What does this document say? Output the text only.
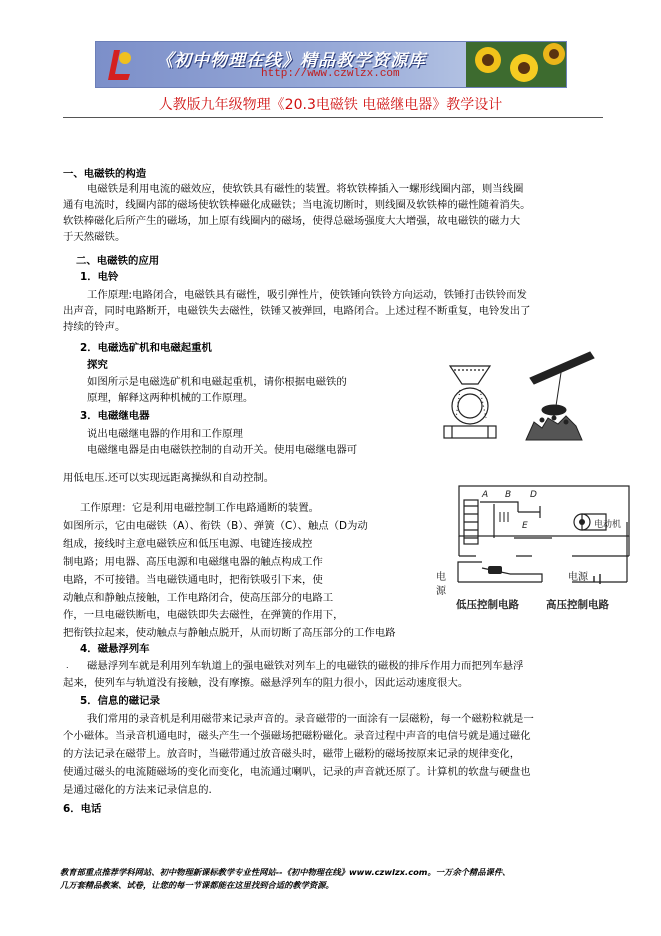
《初中物理在线》精品教学资源库
http://www.czwlzx.com
人教版九年级物理《20.3电磁铁 电磁继电器》教学设计
一、电磁铁的构造
电磁铁是利用电流的磁效应，使软铁具有磁性的装置。将软铁棒插入一螺形线圈内部，则当线圈
通有电流时，线圈内部的磁场使软铁棒磁化成磁铁；当电流切断时，则线圈及软铁棒的磁性随着消失。
软铁棒磁化后所产生的磁场，加上原有线圈内的磁场，使得总磁场强度大大增强，故电磁铁的磁力大
于天然磁铁。
二、电磁铁的应用
1．电铃
工作原理:电路闭合，电磁铁具有磁性，吸引弹性片，使铁锤向铁铃方向运动，铁锤打击铁铃而发
出声音，同时电路断开，电磁铁失去磁性，铁锤又被弹回，电路闭合。上述过程不断重复，电铃发出了
持续的铃声。
2．电磁选矿机和电磁起重机
探究
如图所示是电磁选矿机和电磁起重机，请你根据电磁铁的
原理，解释这两种机械的工作原理。
3．电磁继电器
说出电磁继电器的作用和工作原理
电磁继电器是由电磁铁控制的自动开关。使用电磁继电器可
用低电压.还可以实现远距离操纵和自动控制。
工作原理：它是利用电磁控制工作电路通断的装置。
如图所示，它由电磁铁（A）、衔铁（B）、弹簧（C）、触点（D为动
组成，接线时主意电磁铁应和低压电源、电键连接成控
制电路；用电器、高压电源和电磁继电器的触点构成工作
电路，不可接错。当电磁铁通电时，把衔铁吸引下来，使
动触点和静触点接触，工作电路闭合，使高压部分的电路工
作，一旦电磁铁断电，电磁铁即失去磁性，在弹簧的作用下，
把衔铁拉起来，使动触点与静触点脱开，从而切断了高压部分的工作电路
4．磁悬浮列车
. 磁悬浮列车就是利用列车轨道上的强电磁铁对列车上的电磁铁的磁极的排斥作用力而把列车悬浮
起来，使列车与轨道没有接触，没有摩擦。磁悬浮列车的阻力很小，因此运动速度很大。
5．信息的磁记录
我们常用的录音机是利用磁带来记录声音的。录音磁带的一面涂有一层磁粉，每一个磁粉粒就是一
个小磁体。当录音机通电时，磁头产生一个强磁场把磁粉磁化。录音过程中声音的电信号就是通过磁化
的方法记录在磁带上。放音时，当磁带通过放音磁头时，磁带上磁粉的磁场按原来记录的规律变化，
使通过磁头的电流随磁场的变化而变化，电流通过喇叭，记录的声音就还原了。计算机的软盘与硬盘也
是通过磁化的方法来记录信息的.
6．电话
A B D
E	电动机
电
源
电源
低压控制电路	高压控制电路
教育部重点推荐学科网站、初中物理新课标教学专业性网站--《初中物理在线》www.czwlzx.com。一万余个精品课件、
几万套精品教案、试卷，让您的每一节课都能在这里找到合适的教学资源。
